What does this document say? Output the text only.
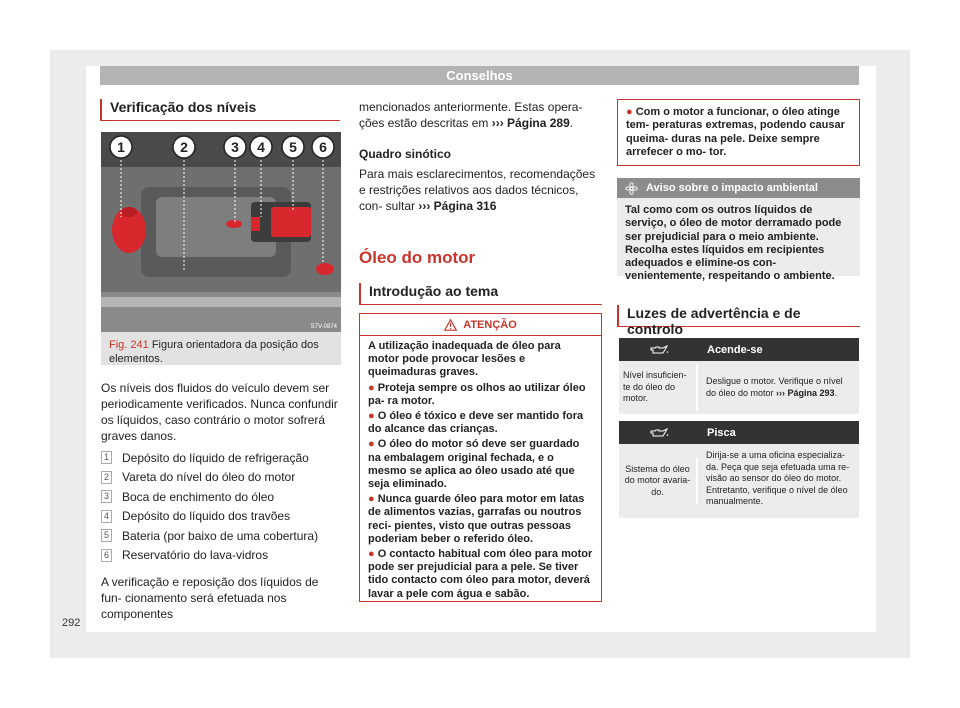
Conselhos
Verificação dos níveis
1	2	3 4 5 6
S7V-0874
Fig. 241 Figura orientadora da posição dos elementos.
Os níveis dos fluidos do veículo devem ser periodicamente verificados. Nunca confundir os líquidos, caso contrário o motor sofrerá graves danos.
1 Depósito do líquido de refrigeração
2 Vareta do nível do óleo do motor
3 Boca de enchimento do óleo
4 Depósito do líquido dos travões
5 Bateria (por baixo de uma cobertura)
6 Reservatório do lava-vidros
A verificação e reposição dos líquidos de fun- cionamento será efetuada nos componentes
mencionados anteriormente. Estas opera- ções estão descritas em ››› Página 289.
Quadro sinótico
Para mais esclarecimentos, recomendações e restrições relativos aos dados técnicos, con- sultar ››› Página 316
Óleo do motor
Introdução ao tema
ATENÇÃO

A utilização inadequada de óleo para motor pode provocar lesões e queimaduras graves.

● Proteja sempre os olhos ao utilizar óleo pa- ra motor.

● O óleo é tóxico e deve ser mantido fora do alcance das crianças.

● O óleo do motor só deve ser guardado na embalagem original fechada, e o mesmo se aplica ao óleo usado até que seja eliminado.

● Nunca guarde óleo para motor em latas de alimentos vazias, garrafas ou noutros reci- pientes, visto que outras pessoas poderiam beber o referido óleo.

● O contacto habitual com óleo para motor pode ser prejudicial para a pele. Se tiver tido contacto com óleo para motor, deverá lavar a pele com água e sabão.

● Com o motor a funcionar, o óleo atinge tem- peraturas extremas, podendo causar queima- duras na pele. Deixe sempre arrefecer o mo- tor.
Aviso sobre o impacto ambiental
Tal como com os outros líquidos de serviço, o óleo de motor derramado pode ser prejudicial para o meio ambiente. Recolha estes líquidos em recipientes adequados e elimine-os con- venientemente, respeitando o ambiente.
Luzes de advertência e de controlo
Acende-se
Nível insuficien- te do óleo do motor.
Desligue o motor. Verifique o nível do óleo do motor ››› Página 293.
Pisca
Sistema do óleo do motor avaria- do.
Dirija-se a uma oficina especializa- da. Peça que seja efetuada uma re- visão ao sensor do óleo do motor. Entretanto, verifique o nível de óleo manualmente.
292
